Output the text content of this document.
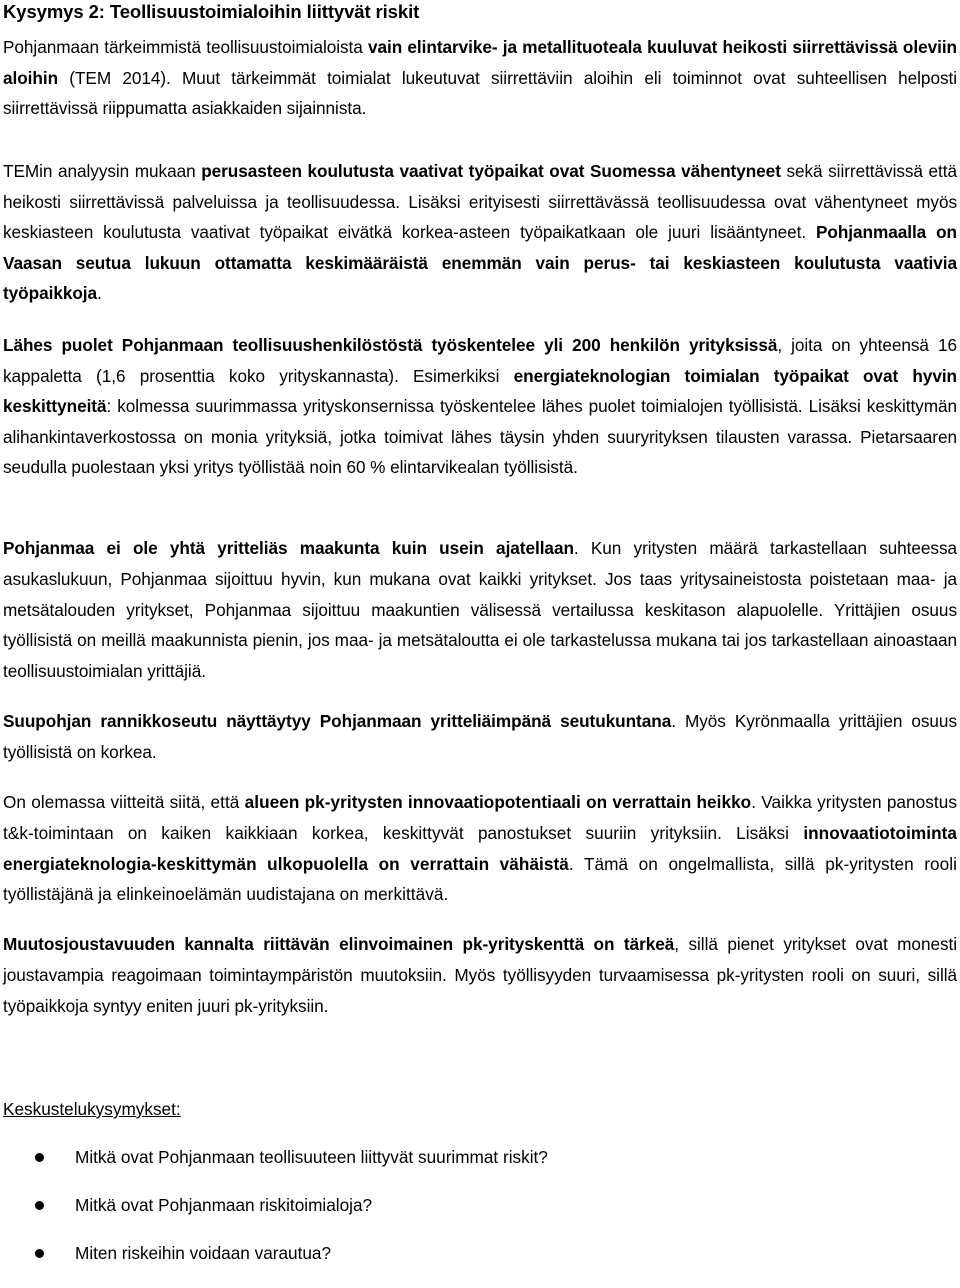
Kysymys 2: Teollisuustoimialoihin liittyvät riskit

Pohjanmaan tärkeimmistä teollisuustoimialoista vain elintarvike- ja metallituoteala kuuluvat heikosti siirrettävissä oleviin aloihin (TEM 2014). Muut tärkeimmät toimialat lukeutuvat siirrettäviin aloihin eli toiminnot ovat suhteellisen helposti siirrettävissä riippumatta asiakkaiden sijainnista.

TEMin analyysin mukaan perusasteen koulutusta vaativat työpaikat ovat Suomessa vähentyneet sekä siirrettävissä että heikosti siirrettävissä palveluissa ja teollisuudessa. Lisäksi erityisesti siirrettävässä teollisuudessa ovat vähentyneet myös keskiasteen koulutusta vaativat työpaikat eivätkä korkea-asteen työpaikatkaan ole juuri lisääntyneet. Pohjanmaalla on Vaasan seutua lukuun ottamatta keskimääräistä enemmän vain perus- tai keskiasteen koulutusta vaativia työpaikkoja.

Lähes puolet Pohjanmaan teollisuushenkilöstöstä työskentelee yli 200 henkilön yrityksissä, joita on yhteensä 16 kappaletta (1,6 prosenttia koko yrityskannasta). Esimerkiksi energiateknologian toimialan työpaikat ovat hyvin keskittyneitä: kolmessa suurimmassa yrityskonsernissa työskentelee lähes puolet toimialojen työllisistä. Lisäksi keskittymän alihankintaverkostossa on monia yrityksiä, jotka toimivat lähes täysin yhden suuryrityksen tilausten varassa. Pietarsaaren seudulla puolestaan yksi yritys työllistää noin 60 % elintarvikealan työllisistä.

Pohjanmaa ei ole yhtä yritteliäs maakunta kuin usein ajatellaan. Kun yritysten määrä tarkastellaan suhteessa asukaslukuun, Pohjanmaa sijoittuu hyvin, kun mukana ovat kaikki yritykset. Jos taas yritysaineistosta poistetaan maa- ja metsätalouden yritykset, Pohjanmaa sijoittuu maakuntien välisessä vertailussa keskitason alapuolelle. Yrittäjien osuus työllisistä on meillä maakunnista pienin, jos maa- ja metsätaloutta ei ole tarkastelussa mukana tai jos tarkastellaan ainoastaan teollisuustoimialan yrittäjiä.

Suupohjan rannikkoseutu näyttäytyy Pohjanmaan yritteliäimpänä seutukuntana. Myös Kyrönmaalla yrittäjien osuus työllisistä on korkea.

On olemassa viitteitä siitä, että alueen pk-yritysten innovaatiopotentiaali on verrattain heikko. Vaikka yritysten panostus t&k-toimintaan on kaiken kaikkiaan korkea, keskittyvät panostukset suuriin yrityksiin. Lisäksi innovaatiotoiminta energiateknologia-keskittymän ulkopuolella on verrattain vähäistä. Tämä on ongelmallista, sillä pk-yritysten rooli työllistäjänä ja elinkeinoelämän uudistajana on merkittävä.

Muutosjoustavuuden kannalta riittävän elinvoimainen pk-yrityskenttä on tärkeä, sillä pienet yritykset ovat monesti joustavampia reagoimaan toimintaympäristön muutoksiin. Myös työllisyyden turvaamisessa pk-yritysten rooli on suuri, sillä työpaikkoja syntyy eniten juuri pk-yrityksiin.

Keskustelukysymykset:

Mitkä ovat Pohjanmaan teollisuuteen liittyvät suurimmat riskit?
Mitkä ovat Pohjanmaan riskitoimialoja?
Miten riskeihin voidaan varautua?
